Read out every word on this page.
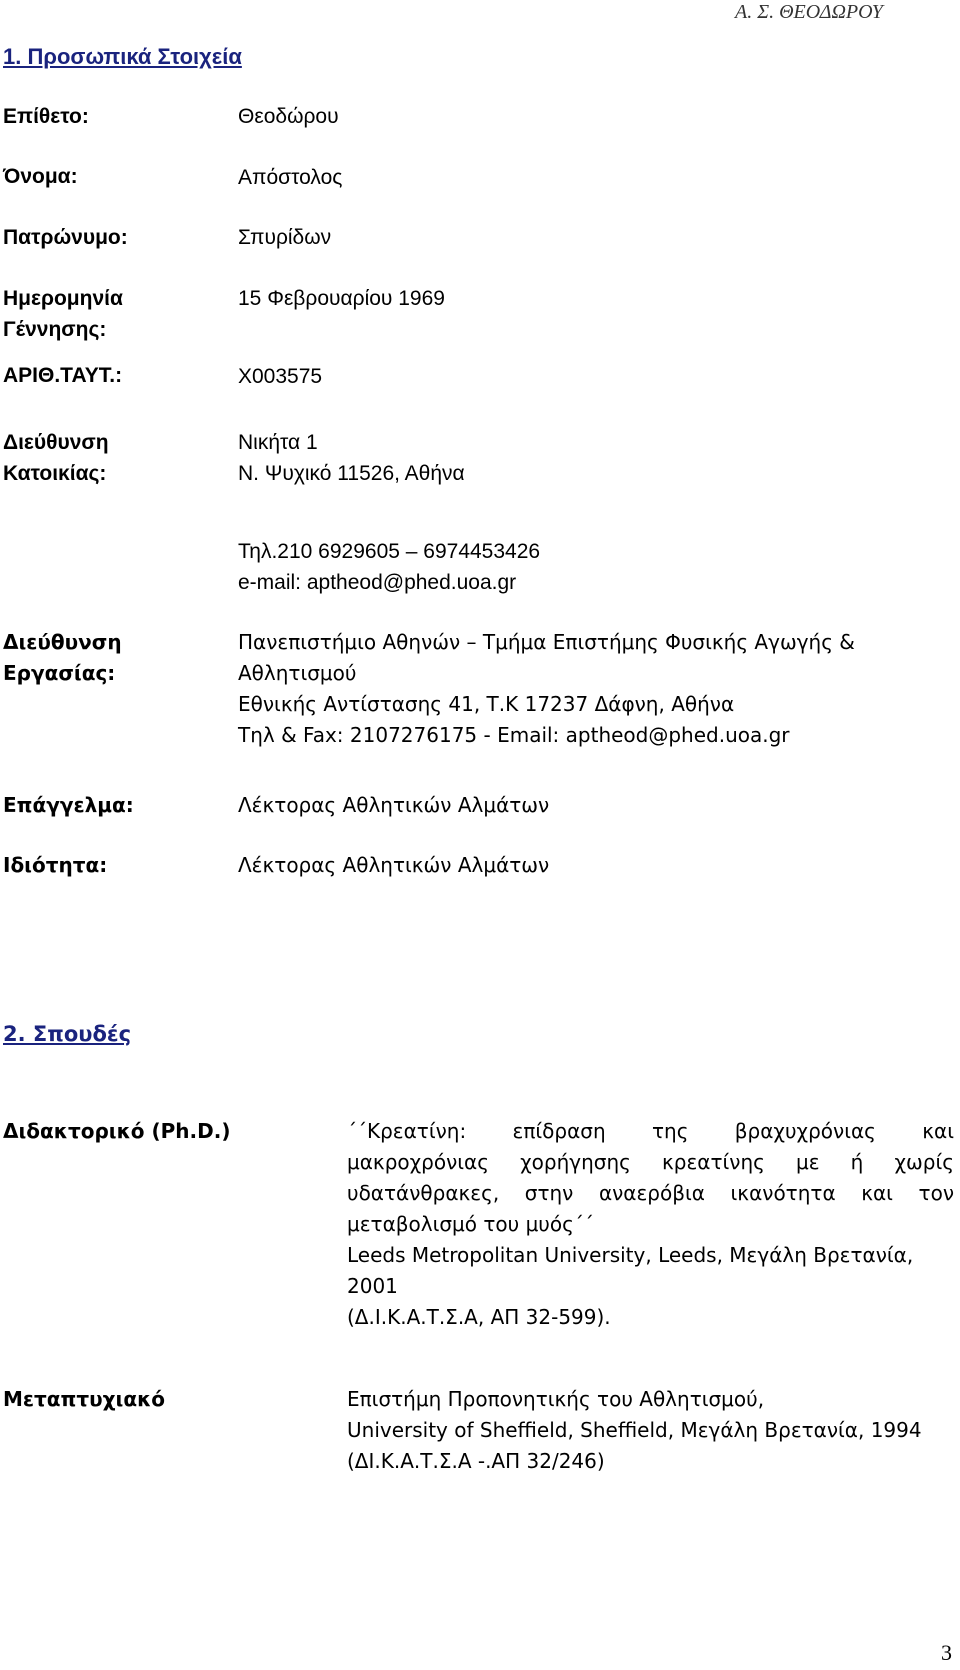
Α. Σ. ΘΕΟΔΩΡΟΥ
1. Προσωπικά Στοιχεία
Επίθετο:	Θεοδώρου
Όνομα:	Απόστολος
Πατρώνυμο:	Σπυρίδων
Ημερομηνία
Γέννησης:
15 Φεβρουαρίου 1969
ΑΡΙΘ.ΤΑΥΤ.:	Χ003575
Διεύθυνση
Κατοικίας:
Νικήτα 1
Ν. Ψυχικό 11526, Αθήνα
Τηλ.210 6929605 – 6974453426
e-mail: aptheod@phed.uoa.gr
Διεύθυνση
Εργασίας:
Πανεπιστήμιο Αθηνών – Τμήμα Επιστήμης Φυσικής Αγωγής &
Αθλητισμού
Εθνικής Αντίστασης 41, Τ.Κ 17237 Δάφνη, Αθήνα
Τηλ & Fax: 2107276175 - Email: aptheod@phed.uoa.gr
Επάγγελμα:	Λέκτορας Αθλητικών Αλμάτων
Ιδιότητα:	Λέκτορας Αθλητικών Αλμάτων
2. Σπουδές
Διδακτορικό (Ph.D.)	΄΄Κρεατίνη: επίδραση της βραχυχρόνιας και
μακροχρόνιας χορήγησης κρεατίνης με ή χωρίς
υδατάνθρακες, στην αναερόβια ικανότητα και τον
μεταβολισμό του μυός΄΄
Leeds Metropolitan University, Leeds, Μεγάλη Βρετανία,
2001
(Δ.Ι.Κ.Α.Τ.Σ.Α, ΑΠ 32-599).
Μεταπτυχιακό	Επιστήμη Προπονητικής του Αθλητισμού,
University of Sheffield, Sheffield, Μεγάλη Βρετανία, 1994
(ΔΙ.Κ.Α.Τ.Σ.Α -.ΑΠ 32/246)
3
